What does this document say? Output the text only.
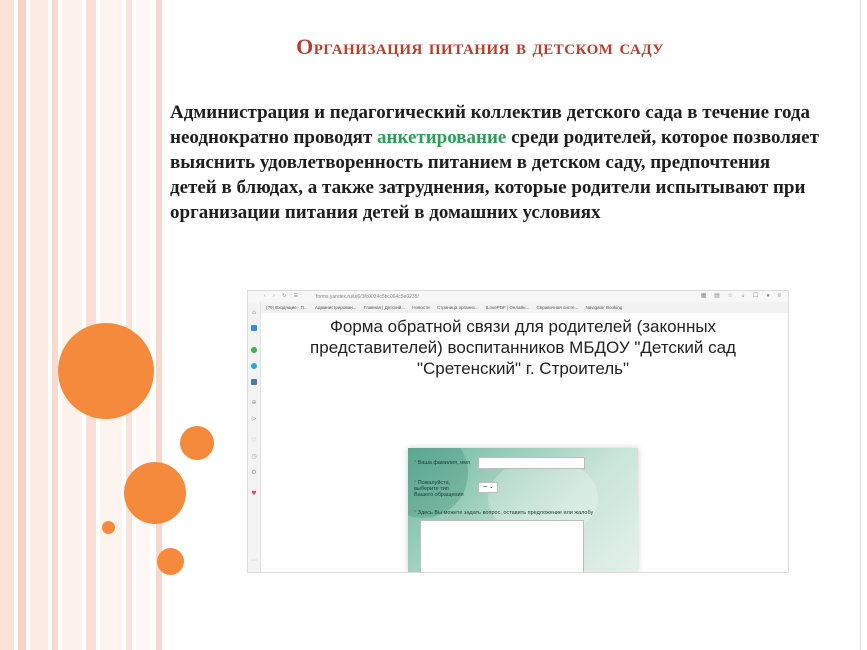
Организация питания в детском саду
Администрация и педагогический коллектив детского сада в течение года неоднократно проводят анкетирование среди родителей, которое позволяет выяснить удовлетворенность питанием в детском саду, предпочтения детей в блюдах, а также затруднения, которые родители испытывают при организации питания детей в домашних условиях
‹ › ↻ ☰	forms.yandex.ru/u/6/3fc0024c5bc064c5e0235/	▦ ▤ ☆ ⇣ ☐ ● ≡
(79) Входящие - П... Администрирован... Главная | Детский... Новости Страница организ... ILovePDF | Онлайн... Справочная систе... Navigator Booking
⌂
⊕
▷
♡
◷
⚙
♥
⋯
Форма обратной связи для родителей (законных представителей) воспитанников МБДОУ "Детский сад "Сретенский" г. Строитель"
* Ваша фамилия, имя
* Пожалуйста, выберите тип Вашего обращения
— ⌄
* Здесь Вы можете задать вопрос, оставить предложение или жалобу
